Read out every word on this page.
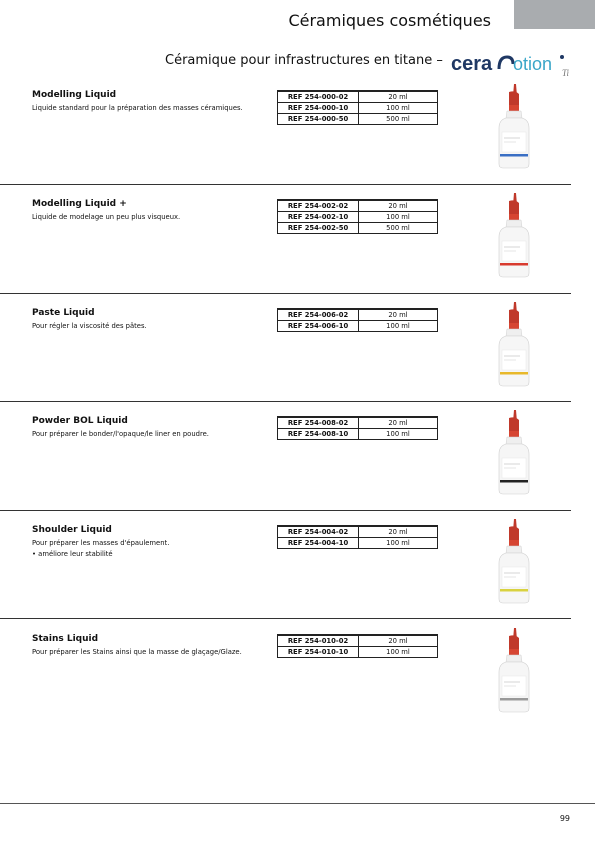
Céramiques cosmétiques
Céramique pour infrastructures en titane – cera otion Ti
Modelling Liquid
Liquide standard pour la préparation des masses céramiques.
REF 254-000-02	20 ml
REF 254-000-10	100 ml
REF 254-000-50	500 ml
Modelling Liquid +
Liquide de modelage un peu plus visqueux.
REF 254-002-02	20 ml
REF 254-002-10	100 ml
REF 254-002-50	500 ml
Paste Liquid
Pour régler la viscosité des pâtes.
REF 254-006-02	20 ml
REF 254-006-10	100 ml
Powder BOL Liquid
Pour préparer le bonder/l'opaque/le liner en poudre.
REF 254-008-02	20 ml
REF 254-008-10	100 ml
Shoulder Liquid
Pour préparer les masses d'épaulement.
• améliore leur stabilité
REF 254-004-02	20 ml
REF 254-004-10	100 ml
Stains Liquid
Pour préparer les Stains ainsi que la masse de glaçage/Glaze.
REF 254-010-02	20 ml
REF 254-010-10	100 ml
99
